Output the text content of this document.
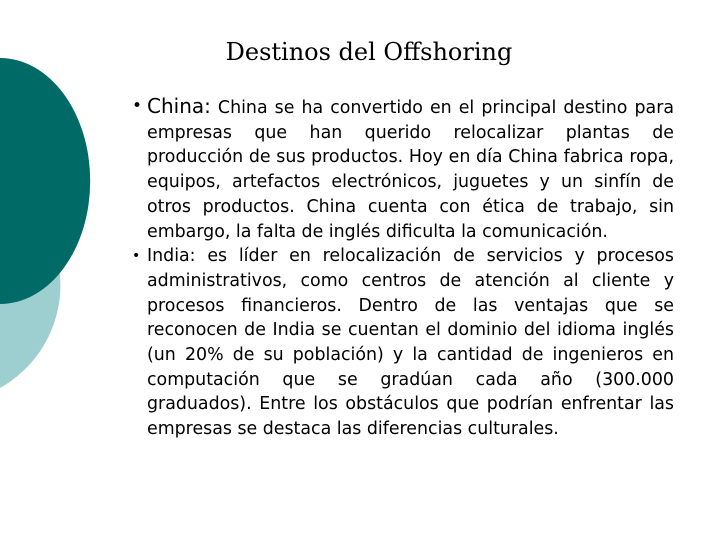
Destinos del Offshoring
• China: China se ha convertido en el principal destino para empresas que han querido relocalizar plantas de producción de sus productos. Hoy en día China fabrica ropa, equipos, artefactos electrónicos, juguetes y un sinfín de otros productos. China cuenta con ética de trabajo, sin embargo, la falta de inglés dificulta la comunicación.
• India: es líder en relocalización de servicios y procesos administrativos, como centros de atención al cliente y procesos financieros. Dentro de las ventajas que se reconocen de India se cuentan el dominio del idioma inglés (un 20% de su población) y la cantidad de ingenieros en computación que se gradúan cada año (300.000 graduados). Entre los obstáculos que podrían enfrentar las empresas se destaca las diferencias culturales.
